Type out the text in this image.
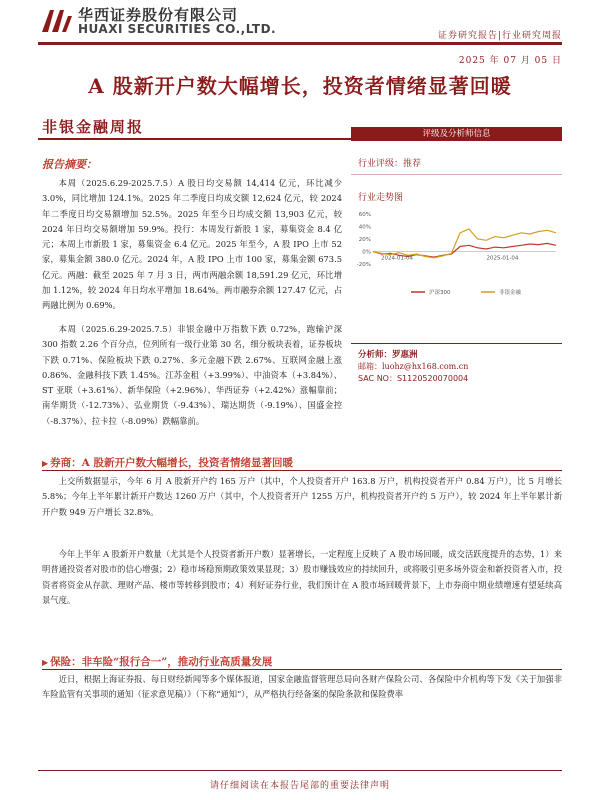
华西证券股份有限公司
HUAXI SECURITIES CO.,LTD.	证券研究报告|行业研究周报
2025 年 07 月 05 日
A 股新开户数大幅增长，投资者情绪显著回暖
非银金融周报
报告摘要：
本周（2025.6.29-2025.7.5）A 股日均交易额 14,414 亿元，环比减少 3.0%，同比增加 124.1%。2025 年二季度日均成交额 12,624 亿元，较 2024 年二季度日均交易额增加 52.5%。2025 年至今日均成交额 13,903 亿元，较 2024 年日均交易额增加 59.9%。投行：本周发行新股 1 家，募集资金 8.4 亿元；本周上市新股 1 家，募集资金 6.4 亿元。2025 年至今，A 股 IPO 上市 52 家，募集金额 380.0 亿元。2024 年，A 股 IPO 上市 100 家，募集金额 673.5 亿元。两融：截至 2025 年 7 月 3 日，两市两融余额 18,591.29 亿元，环比增加 1.12%，较 2024 年日均水平增加 18.64%。两市融券余额 127.47 亿元，占两融比例为 0.69%。
本周（2025.6.29-2025.7.5）非银金融中万指数下跌 0.72%，跑输沪深 300 指数 2.26 个百分点，位列所有一级行业第 30 名，细分板块表着，证券板块下跌 0.71%、保险板块下跌 0.27%、多元金融下跌 2.67%、互联网金融上涨 0.86%、金融科技下跌 1.45%。江苏金租（+3.99%）、中油资本（+3.84%）、ST 亚联（+3.61%）、新华保险（+2.96%）、华西证券（+2.42%）涨幅靠前；南华期货（-12.73%）、弘业期货（-9.43%）、瑞达期货（-9.19%）、国盛金控（-8.37%）、拉卡拉（-8.09%）跌幅靠前。
▶ 券商：A 股新开户数大幅增长，投资者情绪显著回暖
上交所数据显示，今年 6 月 A 股新开户约 165 万户（其中，个人投资者开户 163.8 万户，机构投资者开户 0.84 万户），比 5 月增长 5.8%；今年上半年累计新开户数达 1260 万户（其中，个人投资者开户 1255 万户，机构投资者开户约 5 万户），较 2024 年上半年累计新开户数 949 万户增长 32.8%。
今年上半年 A 股新开户数量（尤其是个人投资者新开户数）显著增长，一定程度上反映了 A 股市场回暖，成交活跃度提升的态势，1）来明普通投资者对股市的信心增强；2）稳市场稳预期政策效果显现；3）股市赚钱效应的持续回升，或将吸引更多场外资金和新投资者入市，投资者将资金从存款、理财产品、楼市等转移到股市；4）利好证券行业，我们预计在 A 股市场回暖背景下，上市券商中期业绩增速有望延续高景气度。
▶ 保险：非车险“报行合一”，推动行业高质量发展
近日，根据上海证券报、每日财经新闻等多个媒体报道，国家金融监督管理总局向各财产保险公司、各保险中介机构等下发《关于加强非车险监管有关事项的通知（征求意见稿）》（下称“通知”），从严格执行经备案的保险条款和保险费率
评级及分析师信息
行业评级：推荐
行业走势图
60%
40%
20%
0%
-20%
2024-01-04	2025-01-04
沪深300	非银金融
分析师：罗惠洲
邮箱：luohz@hx168.com.cn
SAC NO：S1120520070004
请仔细阅读在本报告尾部的重要法律声明
